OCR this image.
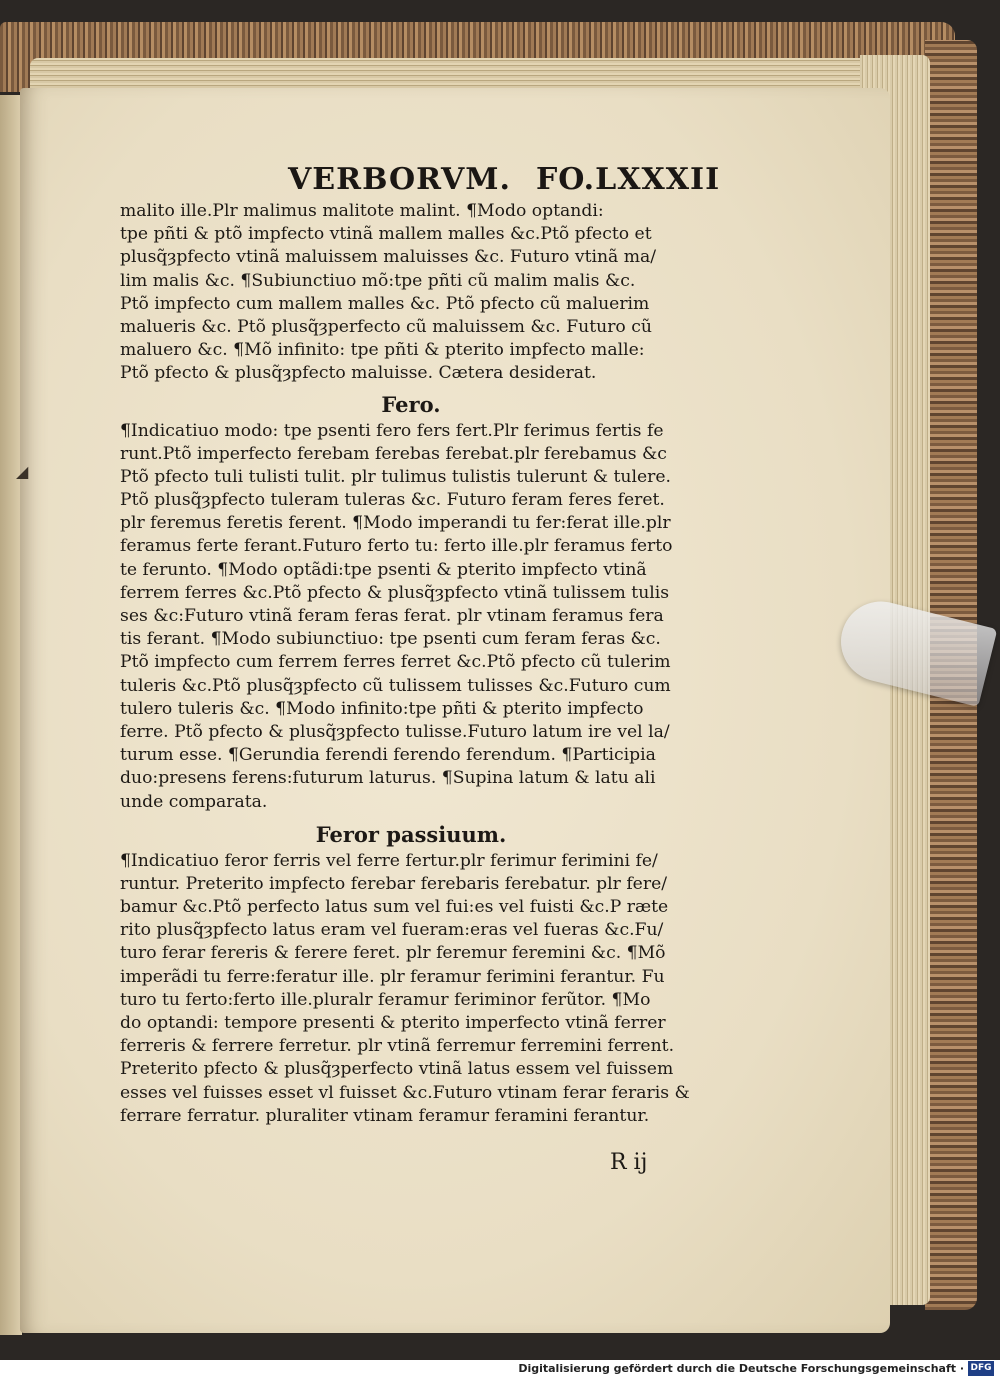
◢
VERBORVM. FO.LXXXII
malito ille.Plr malimus malitote malint. ¶Modo optandi:
tpe pñti & ptõ impfecto vtinã mallem malles &c.Ptõ pfecto et
plusq̃ȝpfecto vtinã maluissem maluisses &c. Futuro vtinã ma/
lim malis &c. ¶Subiunctiuo mõ:tpe pñti cũ malim malis &c.
Ptõ impfecto cum mallem malles &c. Ptõ pfecto cũ maluerim
malueris &c. Ptõ plusq̃ȝperfecto cũ maluissem &c. Futuro cũ
maluero &c. ¶Mõ infinito: tpe pñti & pterito impfecto malle:
Ptõ pfecto & plusq̃ȝpfecto maluisse. Cætera desiderat.
Fero.
¶Indicatiuo modo: tpe psenti fero fers fert.Plr ferimus fertis fe
runt.Ptõ imperfecto ferebam ferebas ferebat.plr ferebamus &c
Ptõ pfecto tuli tulisti tulit. plr tulimus tulistis tulerunt & tulere.
Ptõ plusq̃ȝpfecto tuleram tuleras &c. Futuro feram feres feret.
plr feremus feretis ferent. ¶Modo imperandi tu fer:ferat ille.plr
feramus ferte ferant.Futuro ferto tu: ferto ille.plr feramus ferto
te ferunto. ¶Modo optãdi:tpe psenti & pterito impfecto vtinã
ferrem ferres &c.Ptõ pfecto & plusq̃ȝpfecto vtinã tulissem tulis
ses &c:Futuro vtinã feram feras ferat. plr vtinam feramus fera
tis ferant. ¶Modo subiunctiuo: tpe psenti cum feram feras &c.
Ptõ impfecto cum ferrem ferres ferret &c.Ptõ pfecto cũ tulerim
tuleris &c.Ptõ plusq̃ȝpfecto cũ tulissem tulisses &c.Futuro cum
tulero tuleris &c. ¶Modo infinito:tpe pñti & pterito impfecto
ferre. Ptõ pfecto & plusq̃ȝpfecto tulisse.Futuro latum ire vel la/
turum esse. ¶Gerundia ferendi ferendo ferendum. ¶Participia
duo:presens ferens:futurum laturus. ¶Supina latum & latu ali
unde comparata.
Feror passiuum.
¶Indicatiuo feror ferris vel ferre fertur.plr ferimur ferimini fe/
runtur. Preterito impfecto ferebar ferebaris ferebatur. plr fere/
bamur &c.Ptõ perfecto latus sum vel fui:es vel fuisti &c.P ræte
rito plusq̃ȝpfecto latus eram vel fueram:eras vel fueras &c.Fu/
turo ferar fereris & ferere feret. plr feremur feremini &c. ¶Mõ
imperãdi tu ferre:feratur ille. plr feramur ferimini ferantur. Fu
turo tu ferto:ferto ille.pluralr feramur feriminor ferũtor. ¶Mo
do optandi: tempore presenti & pterito imperfecto vtinã ferrer
ferreris & ferrere ferretur. plr vtinã ferremur ferremini ferrent.
Preterito pfecto & plusq̃ȝperfecto vtinã latus essem vel fuissem
esses vel fuisses esset vl fuisset &c.Futuro vtinam ferar feraris &
ferrare ferratur. pluraliter vtinam feramur feramini ferantur.
R ij
Digitalisierung gefördert durch die Deutsche Forschungsgemeinschaft · DFG
